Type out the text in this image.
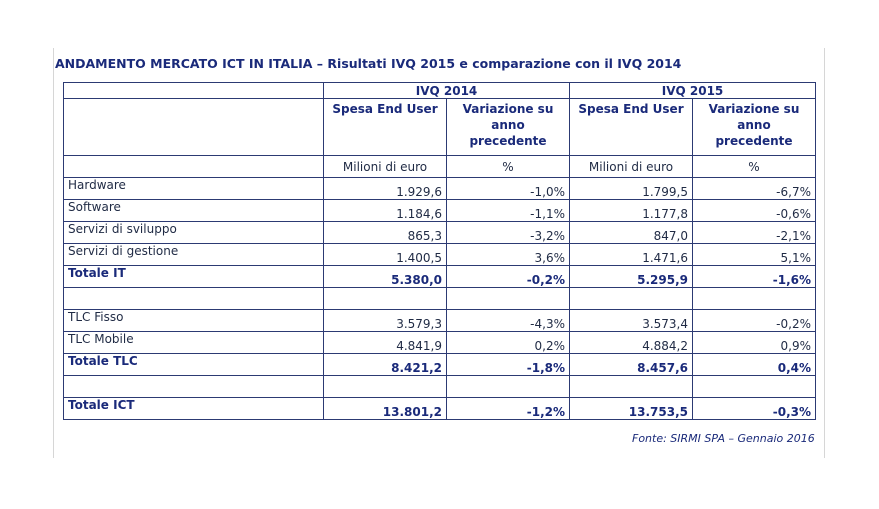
ANDAMENTO MERCATO ICT IN ITALIA – Risultati IVQ 2015 e comparazione con il IVQ 2014
	IVQ 2014		IVQ 2015	
	Spesa End User	Variazione su anno precedente	Spesa End User	Variazione su anno precedente
	Milioni di euro	%	Milioni di euro	%
Hardware	1.929,6	-1,0%	1.799,5	-6,7%
Software	1.184,6	-1,1%	1.177,8	-0,6%
Servizi di sviluppo	865,3	-3,2%	847,0	-2,1%
Servizi di gestione	1.400,5	3,6%	1.471,6	5,1%
Totale IT	5.380,0	-0,2%	5.295,9	-1,6%

TLC Fisso	3.579,3	-4,3%	3.573,4	-0,2%
TLC Mobile	4.841,9	0,2%	4.884,2	0,9%
Totale TLC	8.421,2	-1,8%	8.457,6	0,4%

Totale ICT	13.801,2	-1,2%	13.753,5	-0,3%
Fonte: SIRMI SPA – Gennaio 2016
